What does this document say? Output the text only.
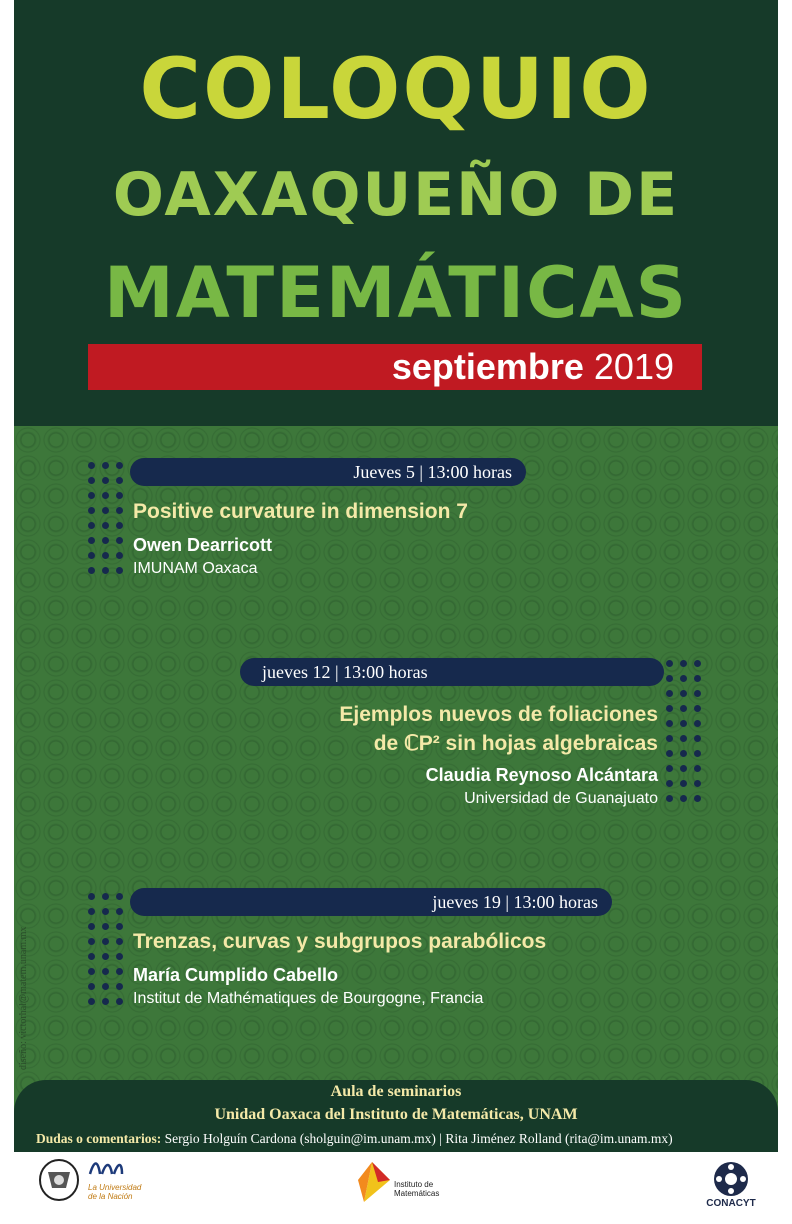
COLOQUIO
OAXAQUEÑO DE
MATEMÁTICAS
septiembre 2019
diseño: victorhal@matem.unam.mx
Jueves 5 | 13:00 horas
Positive curvature in dimension 7
Owen Dearricott
IMUNAM Oaxaca
jueves 12 | 13:00 horas
Ejemplos nuevos de foliaciones
de ℂP² sin hojas algebraicas
Claudia Reynoso Alcántara
Universidad de Guanajuato
jueves 19 | 13:00 horas
Trenzas, curvas y subgrupos parabólicos
María Cumplido Cabello
Institut de Mathématiques de Bourgogne, Francia
Aula de seminarios
Unidad Oaxaca del Instituto de Matemáticas, UNAM
Dudas o comentarios: Sergio Holguín Cardona (sholguin@im.unam.mx) | Rita Jiménez Rolland (rita@im.unam.mx)
La Universidad de la Nación
Instituto de Matemáticas
CONACYT
